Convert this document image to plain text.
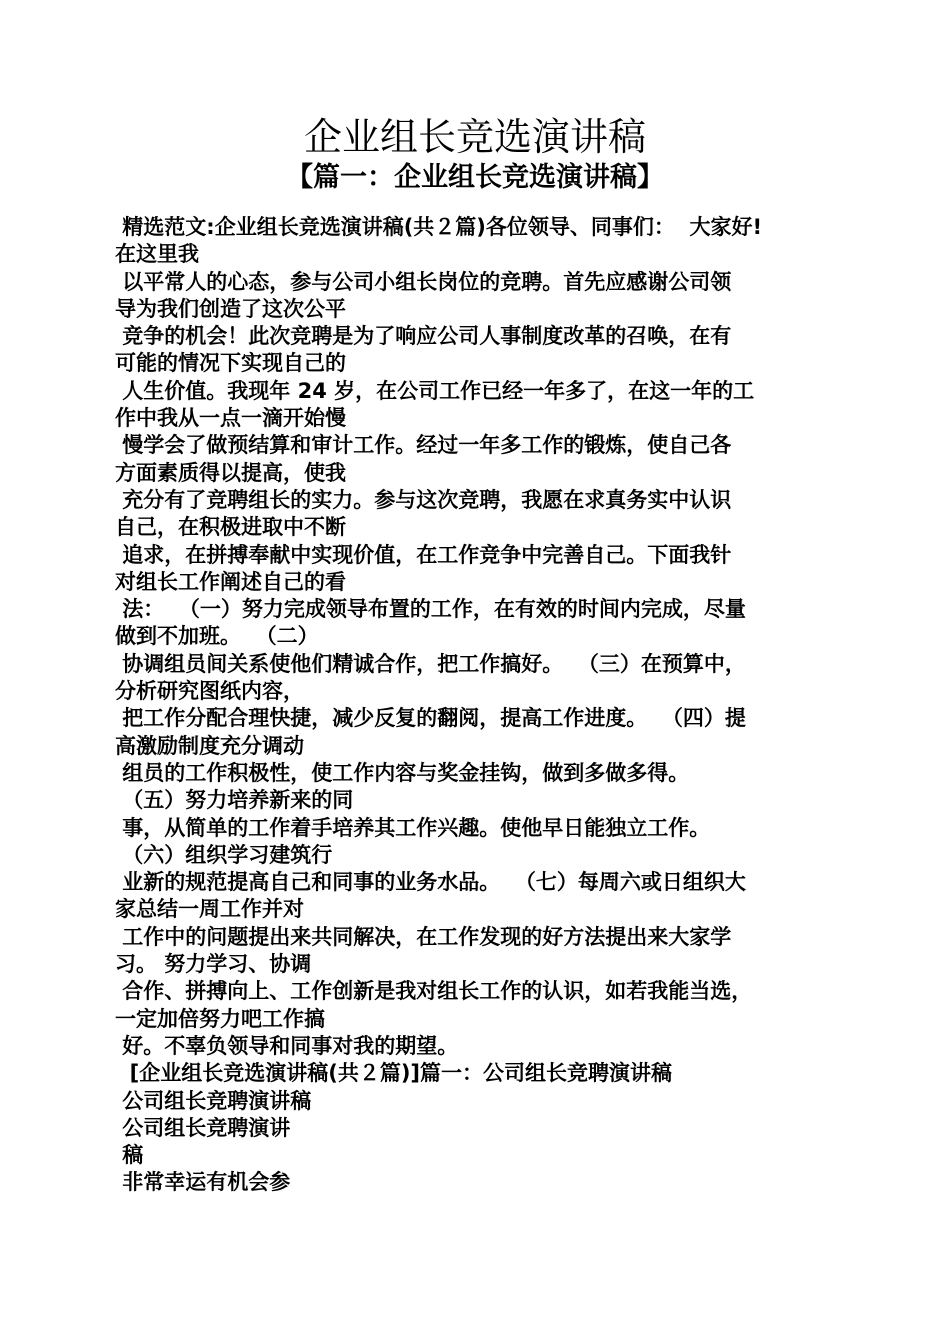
企业组长竞选演讲稿
【篇一：企业组长竞选演讲稿】
精选范文:企业组长竞选演讲稿(共２篇)各位领导、同事们：  大家好!
在这里我
以平常人的心态，参与公司小组长岗位的竞聘。首先应感谢公司领
导为我们创造了这次公平
竞争的机会！此次竞聘是为了响应公司人事制度改革的召唤，在有
可能的情况下实现自己的
人生价值。我现年 24 岁，在公司工作已经一年多了，在这一年的工
作中我从一点一滴开始慢
慢学会了做预结算和审计工作。经过一年多工作的锻炼，使自己各
方面素质得以提高，使我
充分有了竞聘组长的实力。参与这次竞聘，我愿在求真务实中认识
自己，在积极进取中不断
追求，在拼搏奉献中实现价值，在工作竞争中完善自己。下面我针
对组长工作阐述自己的看
法：  （一）努力完成领导布置的工作，在有效的时间内完成，尽量
做到不加班。  （二）
协调组员间关系使他们精诚合作，把工作搞好。  （三）在预算中，
分析研究图纸内容，
把工作分配合理快捷，减少反复的翻阅，提高工作进度。  （四）提
高激励制度充分调动
组员的工作积极性，使工作内容与奖金挂钩，做到多做多得。
（五）努力培养新来的同
事，从简单的工作着手培养其工作兴趣。使他早日能独立工作。
（六）组织学习建筑行
业新的规范提高自己和同事的业务水品。  （七）每周六或日组织大
家总结一周工作并对
工作中的问题提出来共同解决，在工作发现的好方法提出来大家学
习。 努力学习、协调
合作、拼搏向上、工作创新是我对组长工作的认识，如若我能当选，
一定加倍努力吧工作搞
好。不辜负领导和同事对我的期望。
[企业组长竞选演讲稿(共２篇)]篇一：公司组长竞聘演讲稿
公司组长竞聘演讲稿
公司组长竞聘演讲
稿
非常幸运有机会参
